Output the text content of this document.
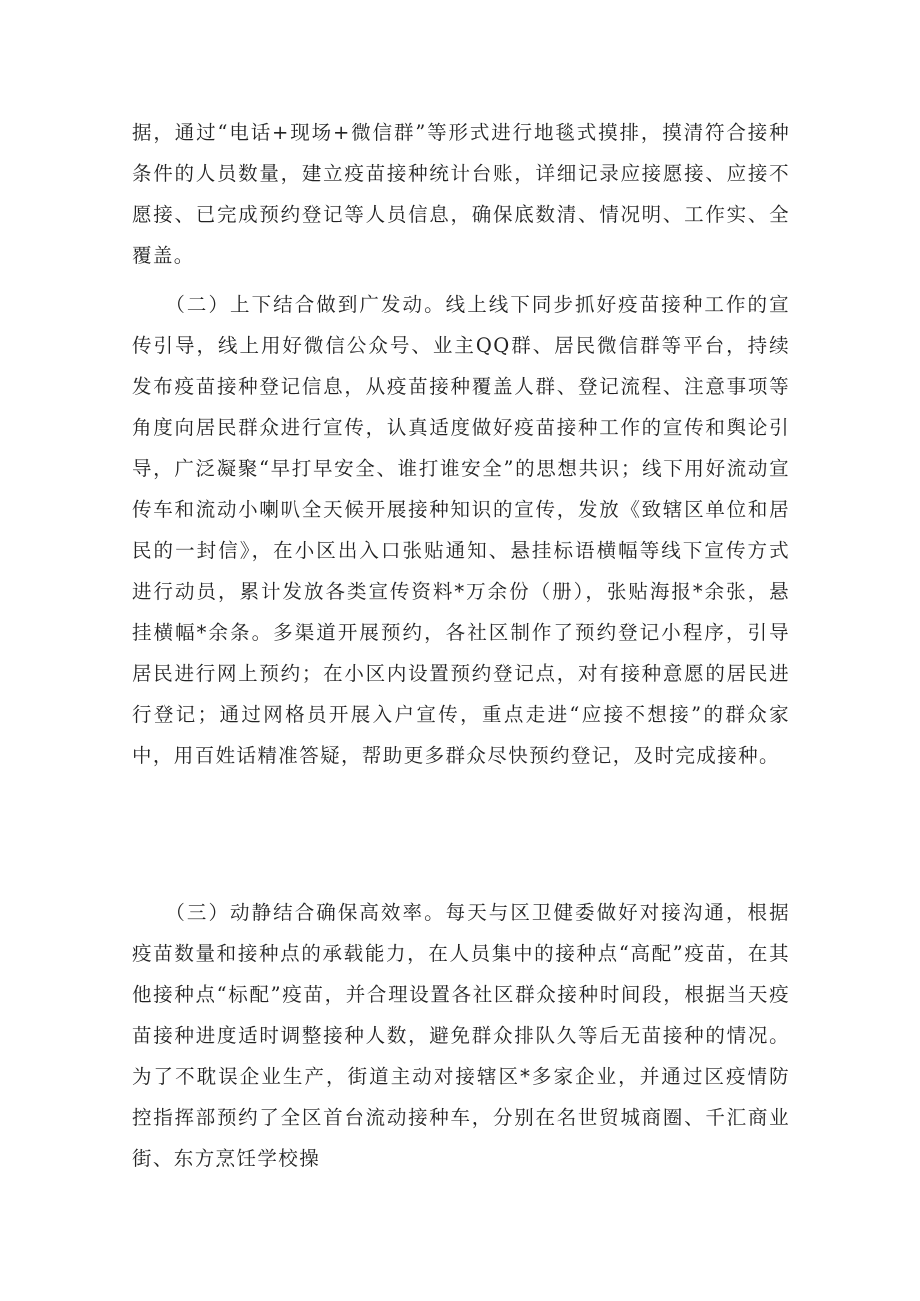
据，通过“电话+现场+微信群”等形式进行地毯式摸排，摸清符合接种条件的人员数量，建立疫苗接种统计台账，详细记录应接愿接、应接不愿接、已完成预约登记等人员信息，确保底数清、情况明、工作实、全覆盖。

　　（二）上下结合做到广发动。线上线下同步抓好疫苗接种工作的宣传引导，线上用好微信公众号、业主QQ群、居民微信群等平台，持续发布疫苗接种登记信息，从疫苗接种覆盖人群、登记流程、注意事项等角度向居民群众进行宣传，认真适度做好疫苗接种工作的宣传和舆论引导，广泛凝聚“早打早安全、谁打谁安全”的思想共识；线下用好流动宣传车和流动小喇叭全天候开展接种知识的宣传，发放《致辖区单位和居民的一封信》，在小区出入口张贴通知、悬挂标语横幅等线下宣传方式进行动员，累计发放各类宣传资料*万余份（册），张贴海报*余张，悬挂横幅*余条。多渠道开展预约，各社区制作了预约登记小程序，引导居民进行网上预约；在小区内设置预约登记点，对有接种意愿的居民进行登记；通过网格员开展入户宣传，重点走进“应接不想接”的群众家中，用百姓话精准答疑，帮助更多群众尽快预约登记，及时完成接种。

　　（三）动静结合确保高效率。每天与区卫健委做好对接沟通，根据疫苗数量和接种点的承载能力，在人员集中的接种点“高配”疫苗，在其他接种点“标配”疫苗，并合理设置各社区群众接种时间段，根据当天疫苗接种进度适时调整接种人数，避免群众排队久等后无苗接种的情况。为了不耽误企业生产，街道主动对接辖区*多家企业，并通过区疫情防控指挥部预约了全区首台流动接种车，分别在名世贸城商圈、千汇商业街、东方烹饪学校操
